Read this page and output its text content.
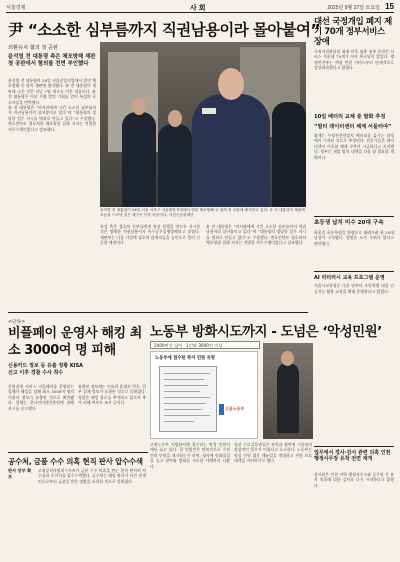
서울경제	사 회	2025년 9월 27일 토요일 15
尹 “소소한 심부름까지 직권남용이라 몰아붙여”
외환유치 혐의 첫 공판
윤석열 전 대통령 측은 체포방해 재판 첫 공판에서 혐의를 전면 부인했다

윤석열 전 대통령이 26일 서울중앙지법에서 열린 체포방해 등 혐의 재판에 출석했다. 윤 전 대통령이 재판에 나온 것은 지난 7월 재구속 이후 처음이다. 윤 전 대통령은 이날 직접 발언 기회를 얻어 특검의 공소사실을 반박했다.

윤 전 대통령은 “비서관에게 시킨 소소한 심부름까지 직권남용이라 몰아붙이고 있다”며 “대통령의 정당한 업무 지시를 범죄로 만들고 있다”고 주장했다. 변호인단도 경호처의 체포영장 집행 저지는 적법한 직무수행이었다고 강조했다.

윤석열 전 대통령이 26일 서울 서초구 서울중앙지법에서 열린 체포방해 등 혐의 첫 공판에 출석하고 있다. 윤 전 대통령이 재판에 모습을 드러낸 것은 재구속 이후 처음이다. 사진공동취재단

특검 측은 경호처 간부들에게 영장 집행을 막도록 지시한 것은 명백한 직권남용이자 특수공무집행방해라고 맞섰다. 재판부는 다음 기일에 경호처 관계자들을 증인으로 불러 신문할 예정이다.

윤 전 대통령은 “비서관에게 시킨 소소한 심부름까지 직권남용이라 몰아붙이고 있다”며 “대통령의 정당한 업무 지시를 범죄로 만들고 있다”고 주장했다. 변호인단도 경호처의 체포영장 집행 저지는 적법한 직무수행이었다고 강조했다.

대선 국정개입 폐지 제기 70개 정부서비스 장애
국정자원관리원 화재 이후 멈춘 정부 온라인 서비스 가운데 70개가 아직 복구되지 않았다. 행정안전부는 핵심 민원 서비스부터 단계적으로 정상화하겠다고 밝혔다.
10일 배터리 교체 중 발화 추정
“멀티 데이터센터 체계 서둘러야”
화재는 무정전전원장치 배터리를 옮기는 과정에서 시작된 것으로 추정된다. 전문가들은 데이터센터 이중화 체계 구축이 시급하다고 지적했다. 정부는 재발 방지 대책을 다음 달 발표할 계획이다.
초등생 납치 미수 20대 구속
하굣길 초등학생을 차량으로 데려가려 한 20대 남성이 구속됐다. 법원은 도주 우려가 있다고 판단했다.
AI 리터러시 교육 프로그램 운영
서울시교육청은 다음 달부터 초등학생 대상 인공지능 활용 교육을 확대 운영한다고 밝혔다.
<단독>
비플페이 운영사 해킹 최소 3000여 명 피해
신용카드 정보 등 유출 정황 KISA 신고 이후 경찰 수사 착수

간편결제 서비스 비플페이를 운영하는 업체가 해킹을 당해 최소 3000여 명의 이용자 정보가 유출된 것으로 확인됐다. 업체는 한국인터넷진흥원에 침해 사고를 신고했다.

유출된 정보에는 이름과 휴대폰 번호, 일부 결제 정보가 포함된 것으로 알려졌다. 경찰은 해킹 경로를 추적하고 있으며 추가 피해 여부도 조사 중이다.

노동부 방화시도까지 - 도넘은 ‘악성민원’
2400만건 넘어 · 1인당 3000건 이상
노동부에 접수된 특이 민원 유형
고용노동부

고용노동부 지방관서에 접수되는 악성 민원이 매년 늘고 있다. 한 민원인은 반복적으로 수천 건의 민원을 제기하는가 하면, 청사에 인화물질을 들고 찾아와 방화를 시도한 사례까지 나왔다.

일선 근로감독관들은 폭언과 협박에 시달리며 정상적인 업무가 어렵다고 호소한다. 노동부는 악성 민원 대응 매뉴얼을 개정하고 직원 보호 대책을 마련하기로 했다.

공수처, 금품 수수 의혹 현직 판사 압수수색
판사 장부 확보

고위공직자범죄수사처가 금품 수수 의혹을 받는 현직 판사의 사무실과 주거지를 압수수색했다. 공수처는 해당 판사가 사건 관계인으로부터 금품을 받은 정황을 포착한 것으로 알려졌다.

업무에서 경사·감사 관련 의혹 인천행정사무장 유착 전면 재개
감사원은 인천 지역 행정사무소와 공무원 간 유착 의혹에 대한 감사를 다시 시작한다고 밝혔다.
